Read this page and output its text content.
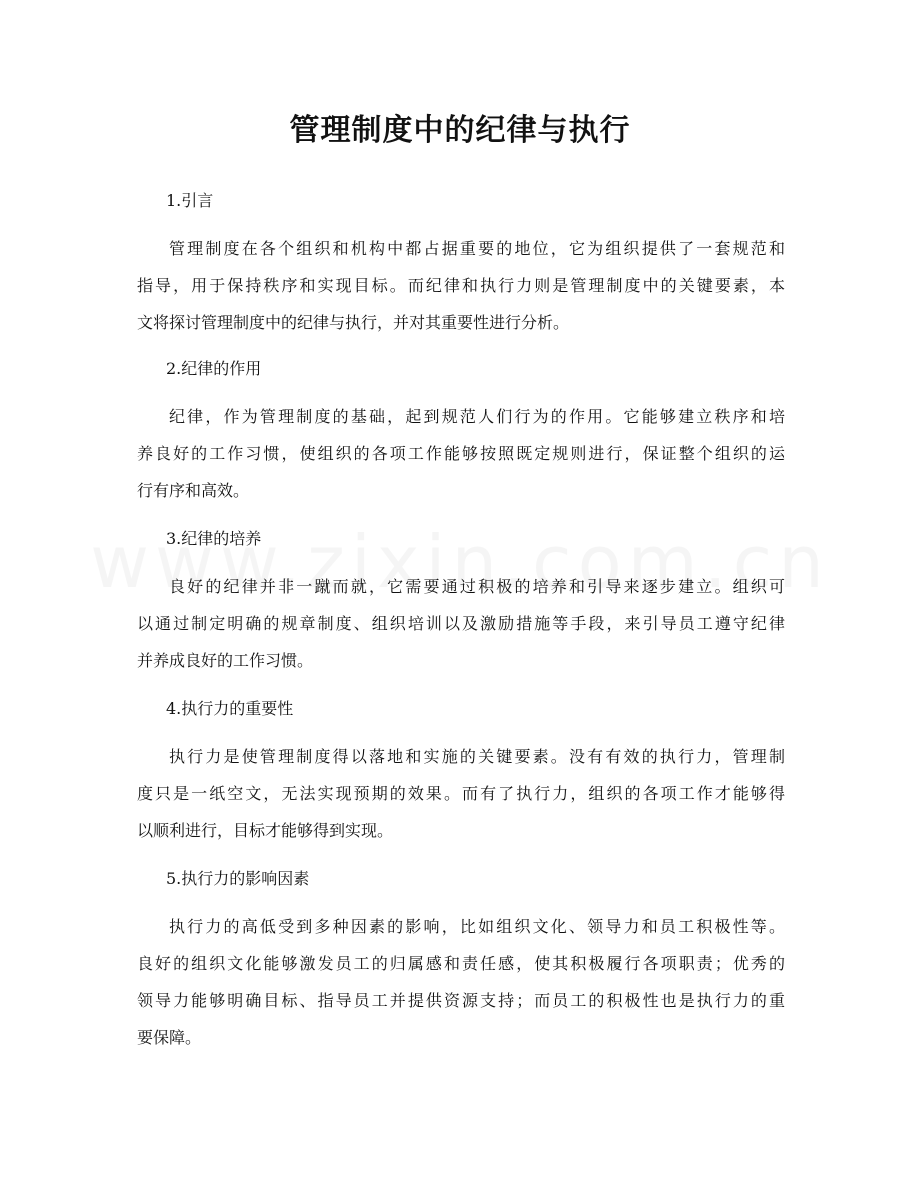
管理制度中的纪律与执行
1.引言
管理制度在各个组织和机构中都占据重要的地位，它为组织提供了一套规范和
指导，用于保持秩序和实现目标。而纪律和执行力则是管理制度中的关键要素，本
文将探讨管理制度中的纪律与执行，并对其重要性进行分析。
2.纪律的作用
纪律，作为管理制度的基础，起到规范人们行为的作用。它能够建立秩序和培
养良好的工作习惯，使组织的各项工作能够按照既定规则进行，保证整个组织的运
行有序和高效。
3.纪律的培养
良好的纪律并非一蹴而就，它需要通过积极的培养和引导来逐步建立。组织可
以通过制定明确的规章制度、组织培训以及激励措施等手段，来引导员工遵守纪律
并养成良好的工作习惯。
4.执行力的重要性
执行力是使管理制度得以落地和实施的关键要素。没有有效的执行力，管理制
度只是一纸空文，无法实现预期的效果。而有了执行力，组织的各项工作才能够得
以顺利进行，目标才能够得到实现。
5.执行力的影响因素
执行力的高低受到多种因素的影响，比如组织文化、领导力和员工积极性等。
良好的组织文化能够激发员工的归属感和责任感，使其积极履行各项职责；优秀的
领导力能够明确目标、指导员工并提供资源支持；而员工的积极性也是执行力的重
要保障。
